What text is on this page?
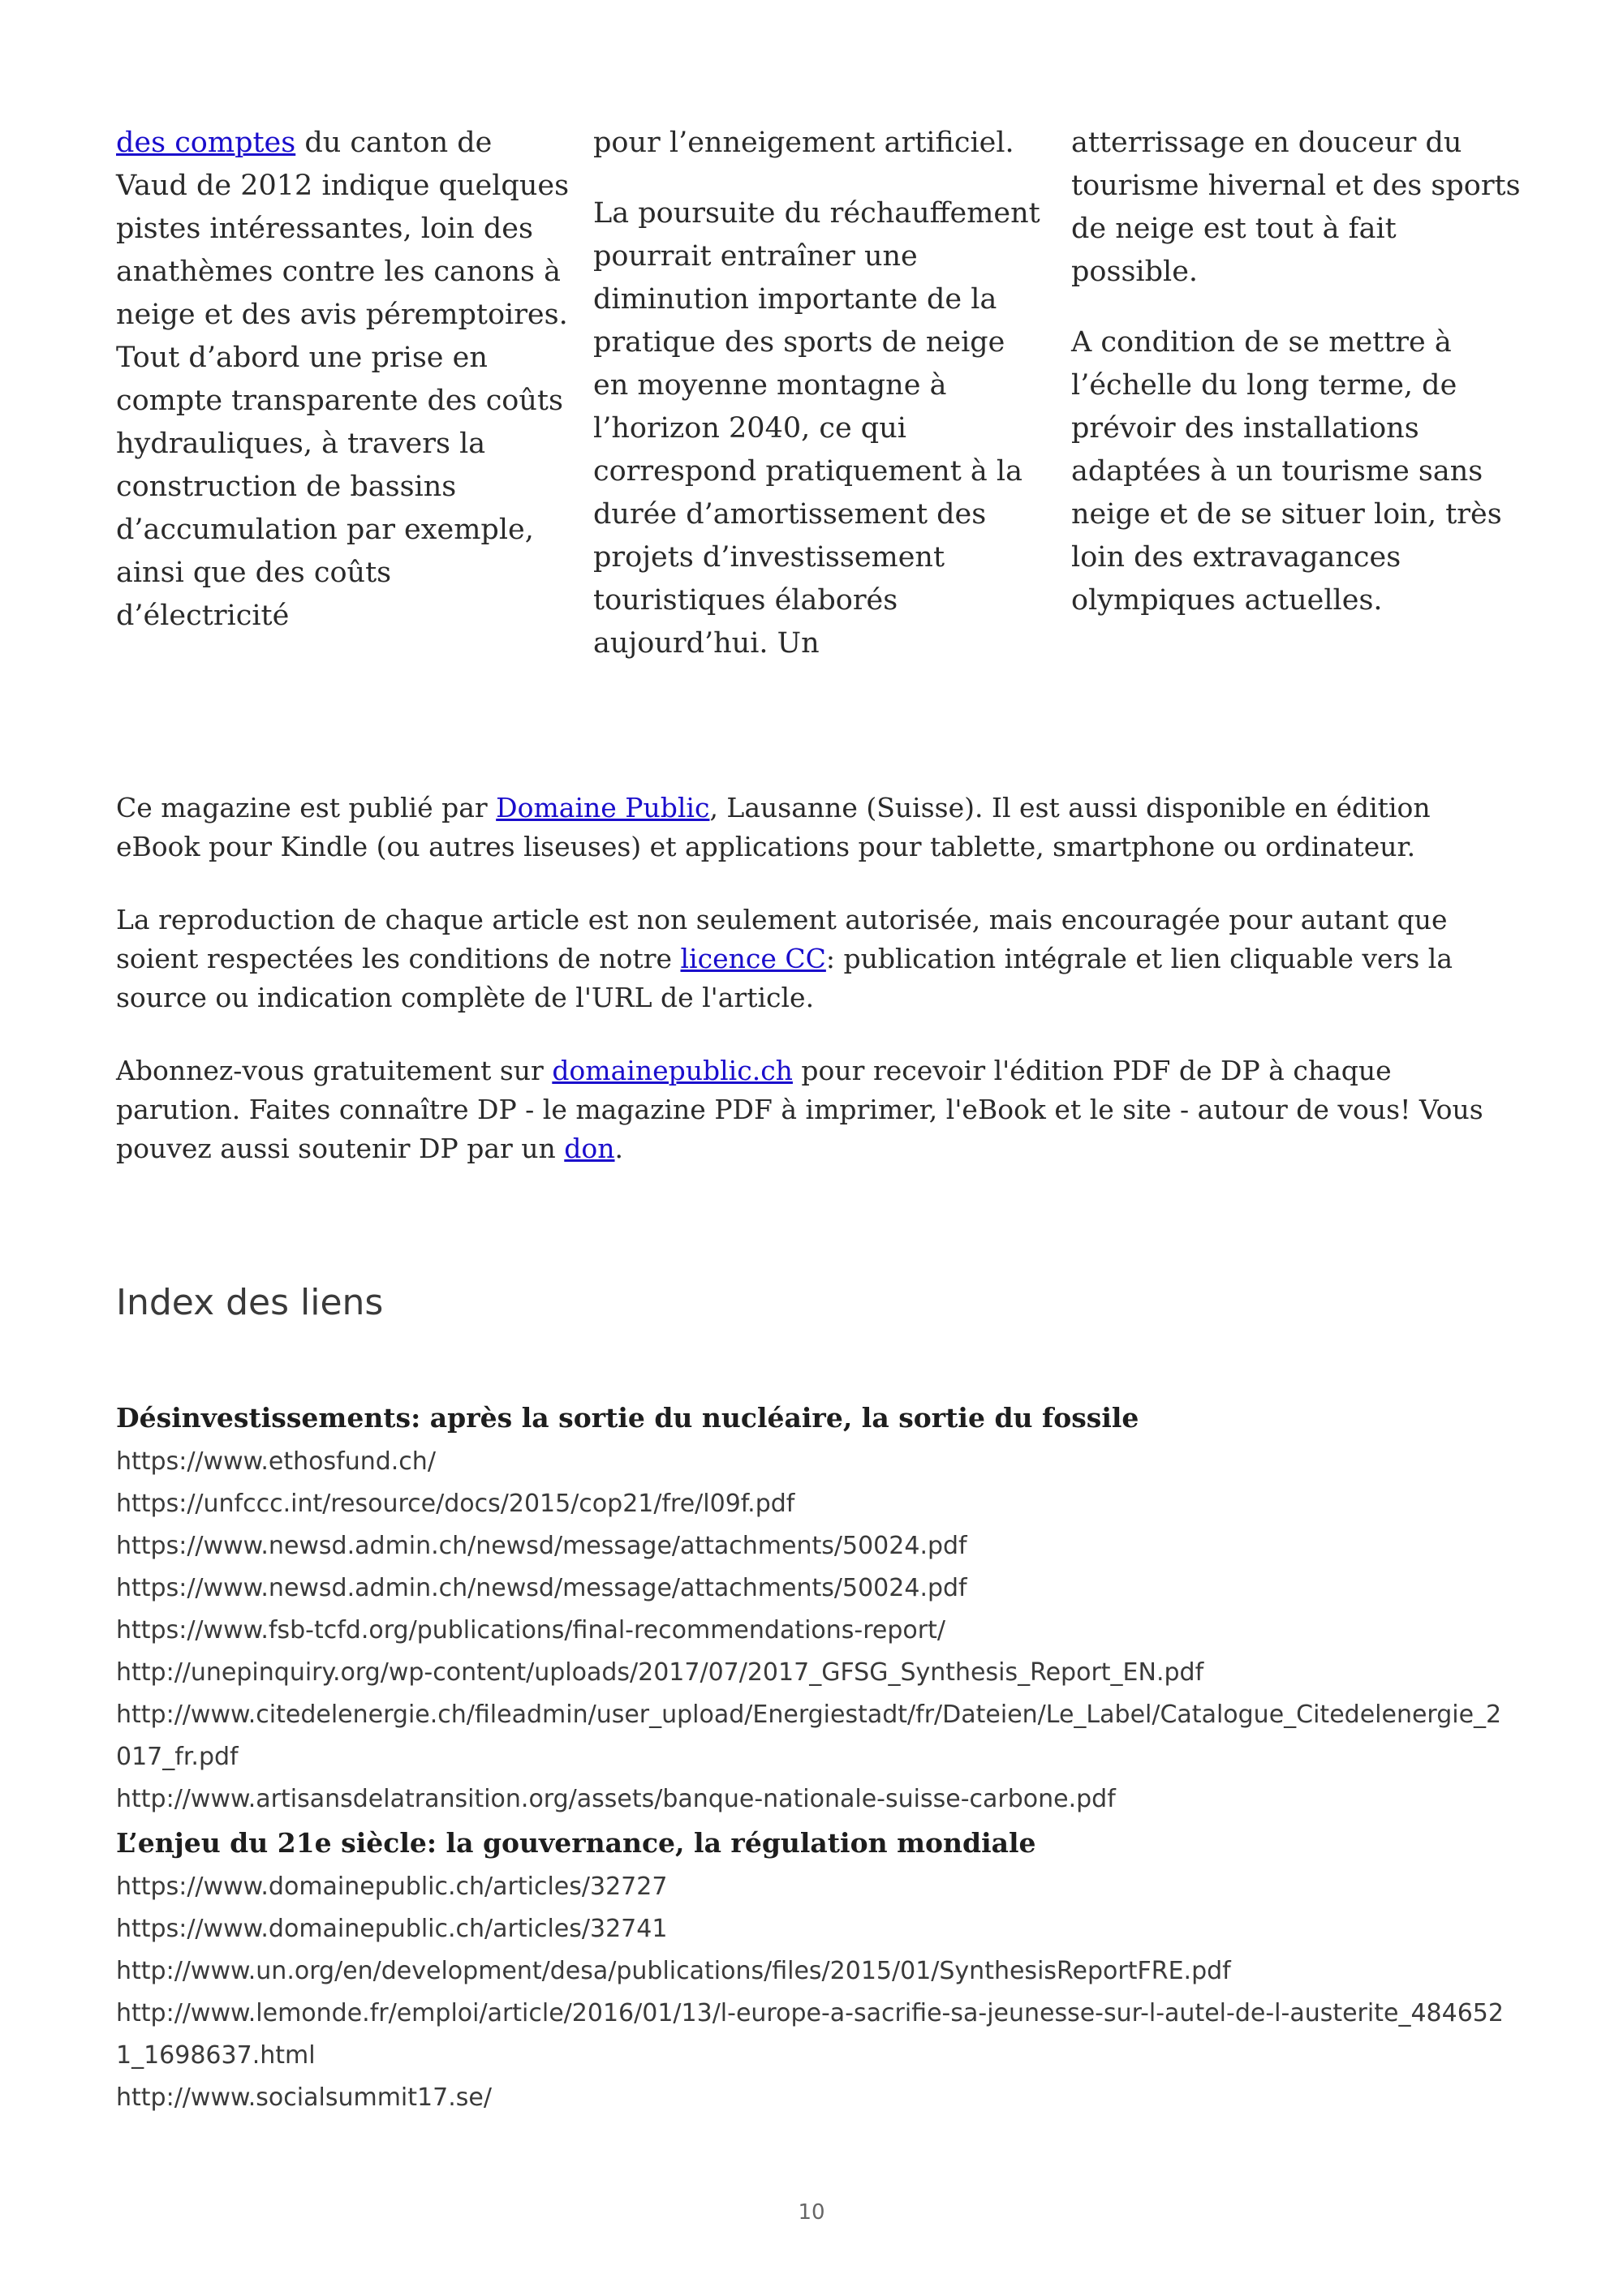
des comptes du canton de Vaud de 2012 indique quelques pistes intéressantes, loin des anathèmes contre les canons à neige et des avis péremptoires. Tout d’abord une prise en compte transparente des coûts hydrauliques, à travers la construction de bassins d’accumulation par exemple, ainsi que des coûts d’électricité

pour l’enneigement artificiel.

La poursuite du réchauffement pourrait entraîner une diminution importante de la pratique des sports de neige en moyenne montagne à l’horizon 2040, ce qui correspond pratiquement à la durée d’amortissement des projets d’investissement touristiques élaborés aujourd’hui. Un

atterrissage en douceur du tourisme hivernal et des sports de neige est tout à fait possible.

A condition de se mettre à l’échelle du long terme, de prévoir des installations adaptées à un tourisme sans neige et de se situer loin, très loin des extravagances olympiques actuelles.

Ce magazine est publié par Domaine Public, Lausanne (Suisse). Il est aussi disponible en édition eBook pour Kindle (ou autres liseuses) et applications pour tablette, smartphone ou ordinateur.

La reproduction de chaque article est non seulement autorisée, mais encouragée pour autant que soient respectées les conditions de notre licence CC: publication intégrale et lien cliquable vers la source ou indication complète de l'URL de l'article.

Abonnez-vous gratuitement sur domainepublic.ch pour recevoir l'édition PDF de DP à chaque parution. Faites connaître DP - le magazine PDF à imprimer, l'eBook et le site - autour de vous! Vous pouvez aussi soutenir DP par un don.

Index des liens
Désinvestissements: après la sortie du nucléaire, la sortie du fossile
https://www.ethosfund.ch/
https://unfccc.int/resource/docs/2015/cop21/fre/l09f.pdf
https://www.newsd.admin.ch/newsd/message/attachments/50024.pdf
https://www.newsd.admin.ch/newsd/message/attachments/50024.pdf
https://www.fsb-tcfd.org/publications/final-recommendations-report/
http://unepinquiry.org/wp-content/uploads/2017/07/2017_GFSG_Synthesis_Report_EN.pdf
http://www.citedelenergie.ch/fileadmin/user_upload/Energiestadt/fr/Dateien/Le_Label/Catalogue_Citedelenergie_2017_fr.pdf
http://www.artisansdelatransition.org/assets/banque-nationale-suisse-carbone.pdf
L’enjeu du 21e siècle: la gouvernance, la régulation mondiale
https://www.domainepublic.ch/articles/32727
https://www.domainepublic.ch/articles/32741
http://www.un.org/en/development/desa/publications/files/2015/01/SynthesisReportFRE.pdf
http://www.lemonde.fr/emploi/article/2016/01/13/l-europe-a-sacrifie-sa-jeunesse-sur-l-autel-de-l-austerite_4846521_1698637.html
http://www.socialsummit17.se/
10
